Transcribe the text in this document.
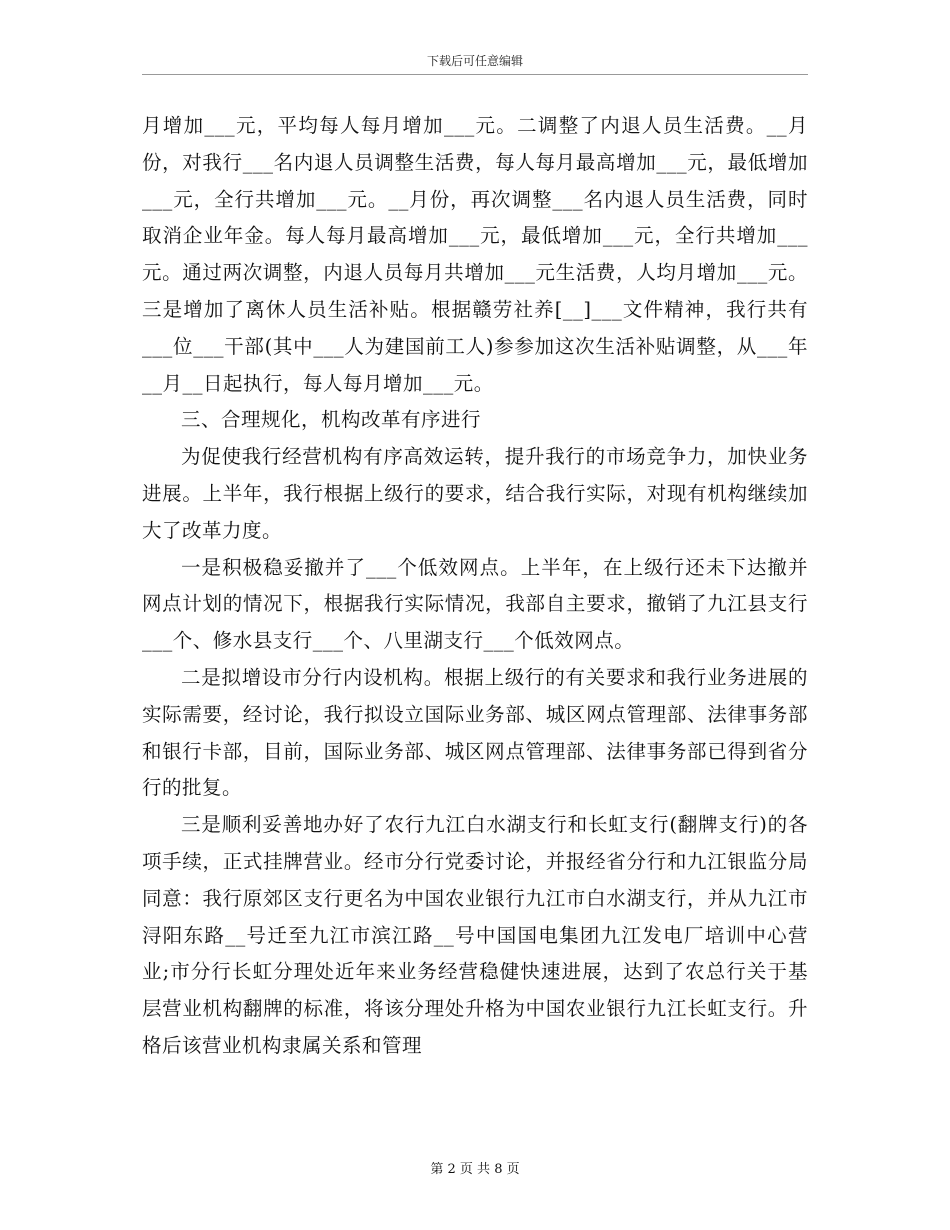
下载后可任意编辑

月增加___元，平均每人每月增加___元。二调整了内退人员生活费。__月份，对我行___名内退人员调整生活费，每人每月最高增加___元，最低增加___元，全行共增加___元。__月份，再次调整___名内退人员生活费，同时取消企业年金。每人每月最高增加___元，最低增加___元，全行共增加___元。通过两次调整，内退人员每月共增加___元生活费，人均月增加___元。三是增加了离休人员生活补贴。根据赣劳社养[__]___文件精神，我行共有___位___干部(其中___人为建国前工人)参参加这次生活补贴调整，从___年__月__日起执行，每人每月增加___元。

三、合理规化，机构改革有序进行

为促使我行经营机构有序高效运转，提升我行的市场竞争力，加快业务进展。上半年，我行根据上级行的要求，结合我行实际，对现有机构继续加大了改革力度。

一是积极稳妥撤并了___个低效网点。上半年，在上级行还未下达撤并网点计划的情况下，根据我行实际情况，我部自主要求，撤销了九江县支行___个、修水县支行___个、八里湖支行___个低效网点。

二是拟增设市分行内设机构。根据上级行的有关要求和我行业务进展的实际需要，经讨论，我行拟设立国际业务部、城区网点管理部、法律事务部和银行卡部，目前，国际业务部、城区网点管理部、法律事务部已得到省分行的批复。

三是顺利妥善地办好了农行九江白水湖支行和长虹支行(翻牌支行)的各项手续，正式挂牌营业。经市分行党委讨论，并报经省分行和九江银监分局同意：我行原郊区支行更名为中国农业银行九江市白水湖支行，并从九江市浔阳东路__号迁至九江市滨江路__号中国国电集团九江发电厂培训中心营业;市分行长虹分理处近年来业务经营稳健快速进展，达到了农总行关于基层营业机构翻牌的标准，将该分理处升格为中国农业银行九江长虹支行。升格后该营业机构隶属关系和管理

第 2 页 共 8 页
